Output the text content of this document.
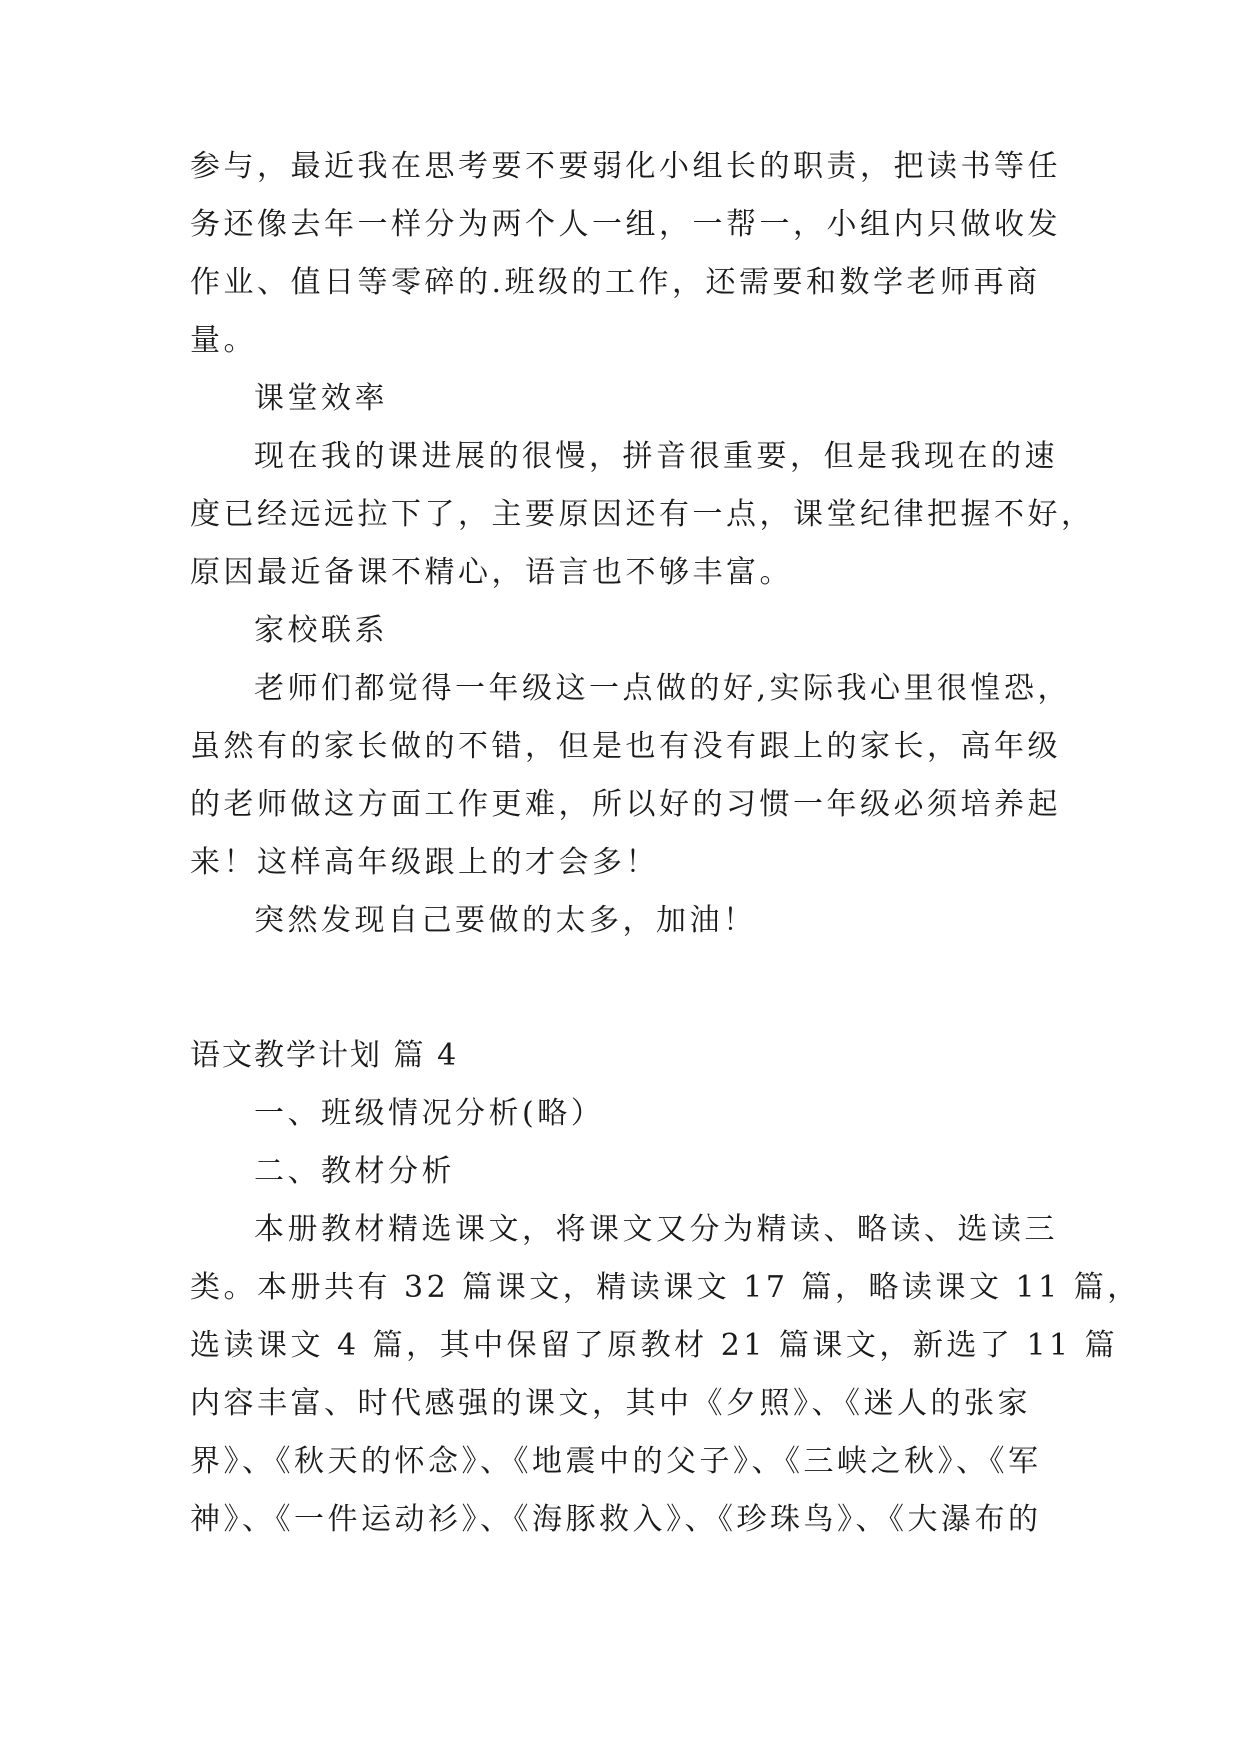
参与，最近我在思考要不要弱化小组长的职责，把读书等任
务还像去年一样分为两个人一组，一帮一，小组内只做收发
作业、值日等零碎的.班级的工作，还需要和数学老师再商
量。
课堂效率
现在我的课进展的很慢，拼音很重要，但是我现在的速
度已经远远拉下了，主要原因还有一点，课堂纪律把握不好，
原因最近备课不精心，语言也不够丰富。
家校联系
老师们都觉得一年级这一点做的好,实际我心里很惶恐，
虽然有的家长做的不错，但是也有没有跟上的家长，高年级
的老师做这方面工作更难，所以好的习惯一年级必须培养起
来！这样高年级跟上的才会多！
突然发现自己要做的太多，加油！
语文教学计划 篇 4
一、班级情况分析(略）
二、教材分析
本册教材精选课文，将课文又分为精读、略读、选读三
类。本册共有 32 篇课文，精读课文 17 篇，略读课文 11 篇，
选读课文 4 篇，其中保留了原教材 21 篇课文，新选了 11 篇
内容丰富、时代感强的课文，其中《夕照》、《迷人的张家
界》、《秋天的怀念》、《地震中的父子》、《三峡之秋》、《军
神》、《一件运动衫》、《海豚救入》、《珍珠鸟》、《大瀑布的
